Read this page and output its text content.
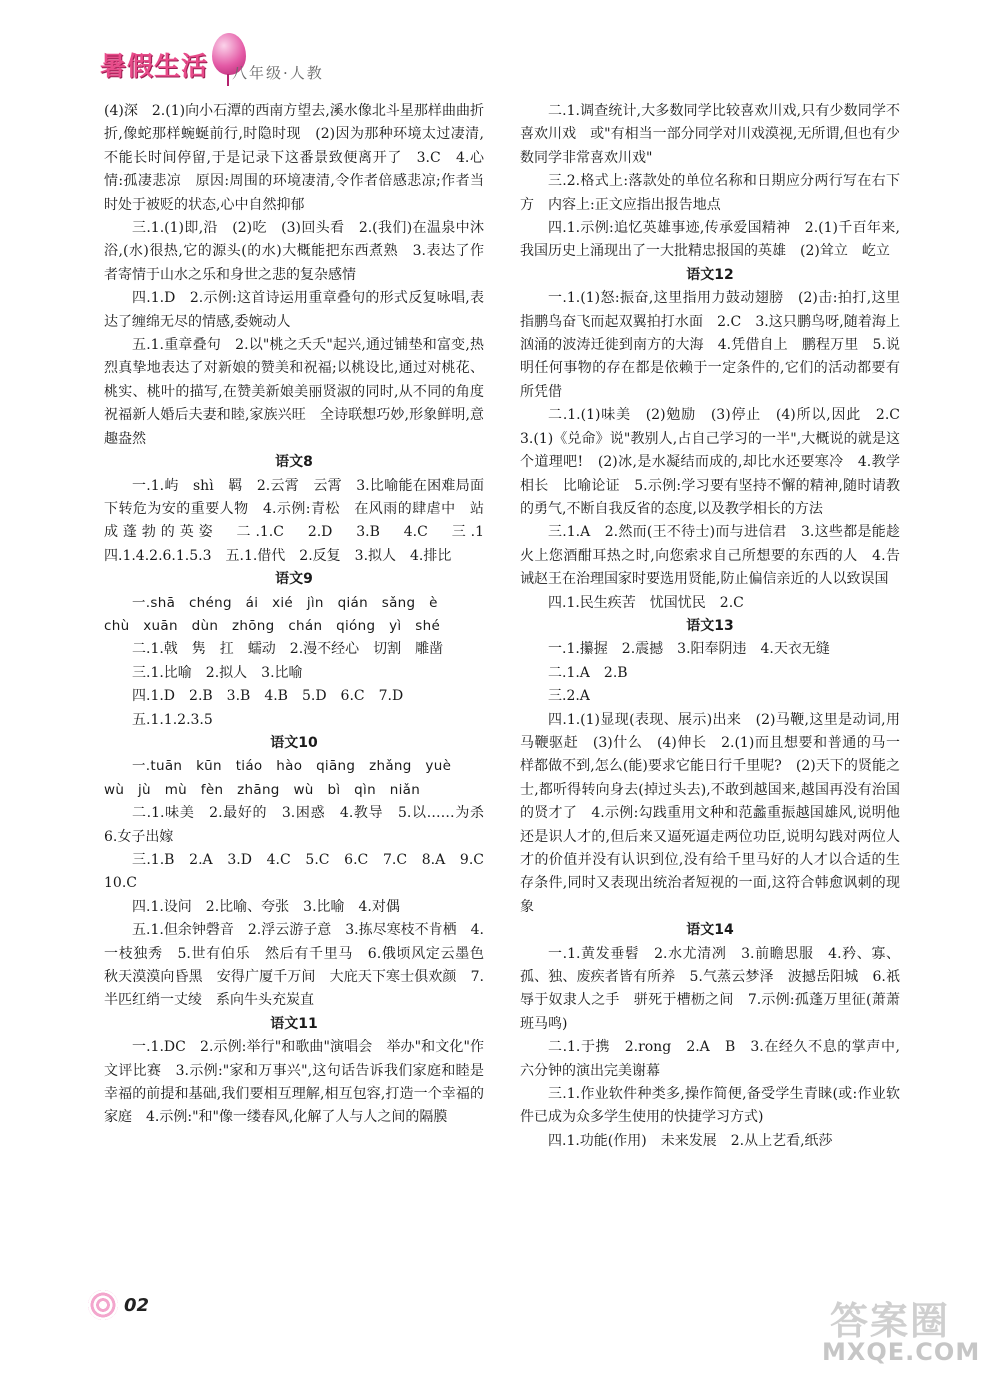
暑假生活 八年级·人教

(4)深　2.(1)向小石潭的西南方望去,溪水像北斗星那样曲曲折折,像蛇那样蜿蜒前行,时隐时现　(2)因为那种环境太过凄清,不能长时间停留,于是记录下这番景致便离开了　3.C　4.心情:孤凄悲凉　原因:周围的环境凄清,令作者倍感悲凉;作者当时处于被贬的状态,心中自然抑郁

三.1.(1)即,沿　(2)吃　(3)回头看　2.(我们)在温泉中沐浴,(水)很热,它的源头(的水)大概能把东西煮熟　3.表达了作者寄情于山水之乐和身世之悲的复杂感情

四.1.D　2.示例:这首诗运用重章叠句的形式反复咏唱,表达了缠绵无尽的情感,委婉动人

五.1.重章叠句　2.以"桃之夭夭"起兴,通过铺垫和富变,热烈真挚地表达了对新娘的赞美和祝福;以桃设比,通过对桃花、桃实、桃叶的描写,在赞美新娘美丽贤淑的同时,从不同的角度祝福新人婚后夫妻和睦,家族兴旺　全诗联想巧妙,形象鲜明,意趣盎然

语文8

一.1.屿　shì　羁　2.云霄　云霄　3.比喻能在困难局面下转危为安的重要人物　4.示例:青松　在风雨的肆虐中　站成蓬勃的英姿　二.1.C　2.D　3.B　4.C　三.1　四.1.4.2.6.1.5.3　五.1.借代　2.反复　3.拟人　4.排比

语文9

一.shā　chéng　ái　xié　jìn　qián　sǎng　è

chù　xuān　dùn　zhōng　chán　qióng　yì　shé

二.1.戟　隽　扛　蠕动　2.漫不经心　切割　雕凿

三.1.比喻　2.拟人　3.比喻

四.1.D　2.B　3.B　4.B　5.D　6.C　7.D

五.1.1.2.3.5

语文10

一.tuān　kūn　tiáo　hào　qiāng　zhǎng　yuè

wù　jù　mù　fèn　zhāng　wù　bì　qìn　niǎn

二.1.味美　2.最好的　3.困惑　4.教导　5.以……为杀　6.女子出嫁

三.1.B　2.A　3.D　4.C　5.C　6.C　7.C　8.A　9.C　10.C

四.1.设问　2.比喻、夸张　3.比喻　4.对偶

五.1.但余钟磬音　2.浮云游子意　3.拣尽寒枝不肯栖　4.一枝独秀　5.世有伯乐　然后有千里马　6.俄顷风定云墨色　秋天漠漠向昏黑　安得广厦千万间　大庇天下寒士俱欢颜　7.半匹红绡一丈绫　系向牛头充炭直

语文11

一.1.DC　2.示例:举行"和歌曲"演唱会　举办"和文化"作文评比赛　3.示例:"家和万事兴",这句话告诉我们家庭和睦是幸福的前提和基础,我们要相互理解,相互包容,打造一个幸福的家庭　4.示例:"和"像一缕春风,化解了人与人之间的隔膜

二.1.调查统计,大多数同学比较喜欢川戏,只有少数同学不喜欢川戏　或"有相当一部分同学对川戏漠视,无所谓,但也有少数同学非常喜欢川戏"

三.2.格式上:落款处的单位名称和日期应分两行写在右下方　内容上:正文应指出报告地点

四.1.示例:追忆英雄事迹,传承爱国精神　2.(1)千百年来,我国历史上涌现出了一大批精忠报国的英雄　(2)耸立　屹立

语文12

一.1.(1)怒:振奋,这里指用力鼓动翅膀　(2)击:拍打,这里指鹏鸟奋飞而起双翼拍打水面　2.C　3.这只鹏鸟呀,随着海上汹涌的波涛迁徙到南方的大海　4.凭借自上　鹏程万里　5.说明任何事物的存在都是依赖于一定条件的,它们的活动都要有所凭借

二.1.(1)味美　(2)勉励　(3)停止　(4)所以,因此　2.C　3.(1)《兑命》说"教别人,占自己学习的一半",大概说的就是这个道理吧!　(2)冰,是水凝结而成的,却比水还要寒冷　4.教学相长　比喻论证　5.示例:学习要有坚持不懈的精神,随时请教的勇气,不断自我反省的态度,以及教学相长的方法

三.1.A　2.然而(王不待士)而与进信君　3.这些都是能趁火上您酒酣耳热之时,向您索求自己所想要的东西的人　4.告诫赵王在治理国家时要选用贤能,防止偏信亲近的人以致误国

四.1.民生疾苦　忧国忧民　2.C

语文13

一.1.攥握　2.震撼　3.阳奉阴违　4.天衣无缝

二.1.A　2.B

三.2.A

四.1.(1)显现(表现、展示)出来　(2)马鞭,这里是动词,用马鞭驱赶　(3)什么　(4)伸长　2.(1)而且想要和普通的马一样都做不到,怎么(能)要求它能日行千里呢?　(2)天下的贤能之士,都听得转向身去(掉过头去),不敢到越国来,越国再没有治国的贤才了　4.示例:勾践重用文种和范蠡重振越国雄风,说明他还是识人才的,但后来又逼死逼走两位功臣,说明勾践对两位人才的价值并没有认识到位,没有给千里马好的人才以合适的生存条件,同时又表现出统治者短视的一面,这符合韩愈讽刺的现象

语文14

一.1.黄发垂髫　2.水尤清冽　3.前瞻思服　4.矜、寡、孤、独、废疾者皆有所养　5.气蒸云梦泽　波撼岳阳城　6.祇辱于奴隶人之手　骈死于槽枥之间　7.示例:孤蓬万里征(萧萧班马鸣)

二.1.于携　2.rong　2.A　B　3.在经久不息的掌声中,六分钟的演出完美谢幕

三.1.作业软件种类多,操作简便,备受学生青睐(或:作业软件已成为众多学生使用的快捷学习方式)

四.1.功能(作用)　未来发展　2.从上艺看,纸莎

02	答案圈
MXQE.COM
